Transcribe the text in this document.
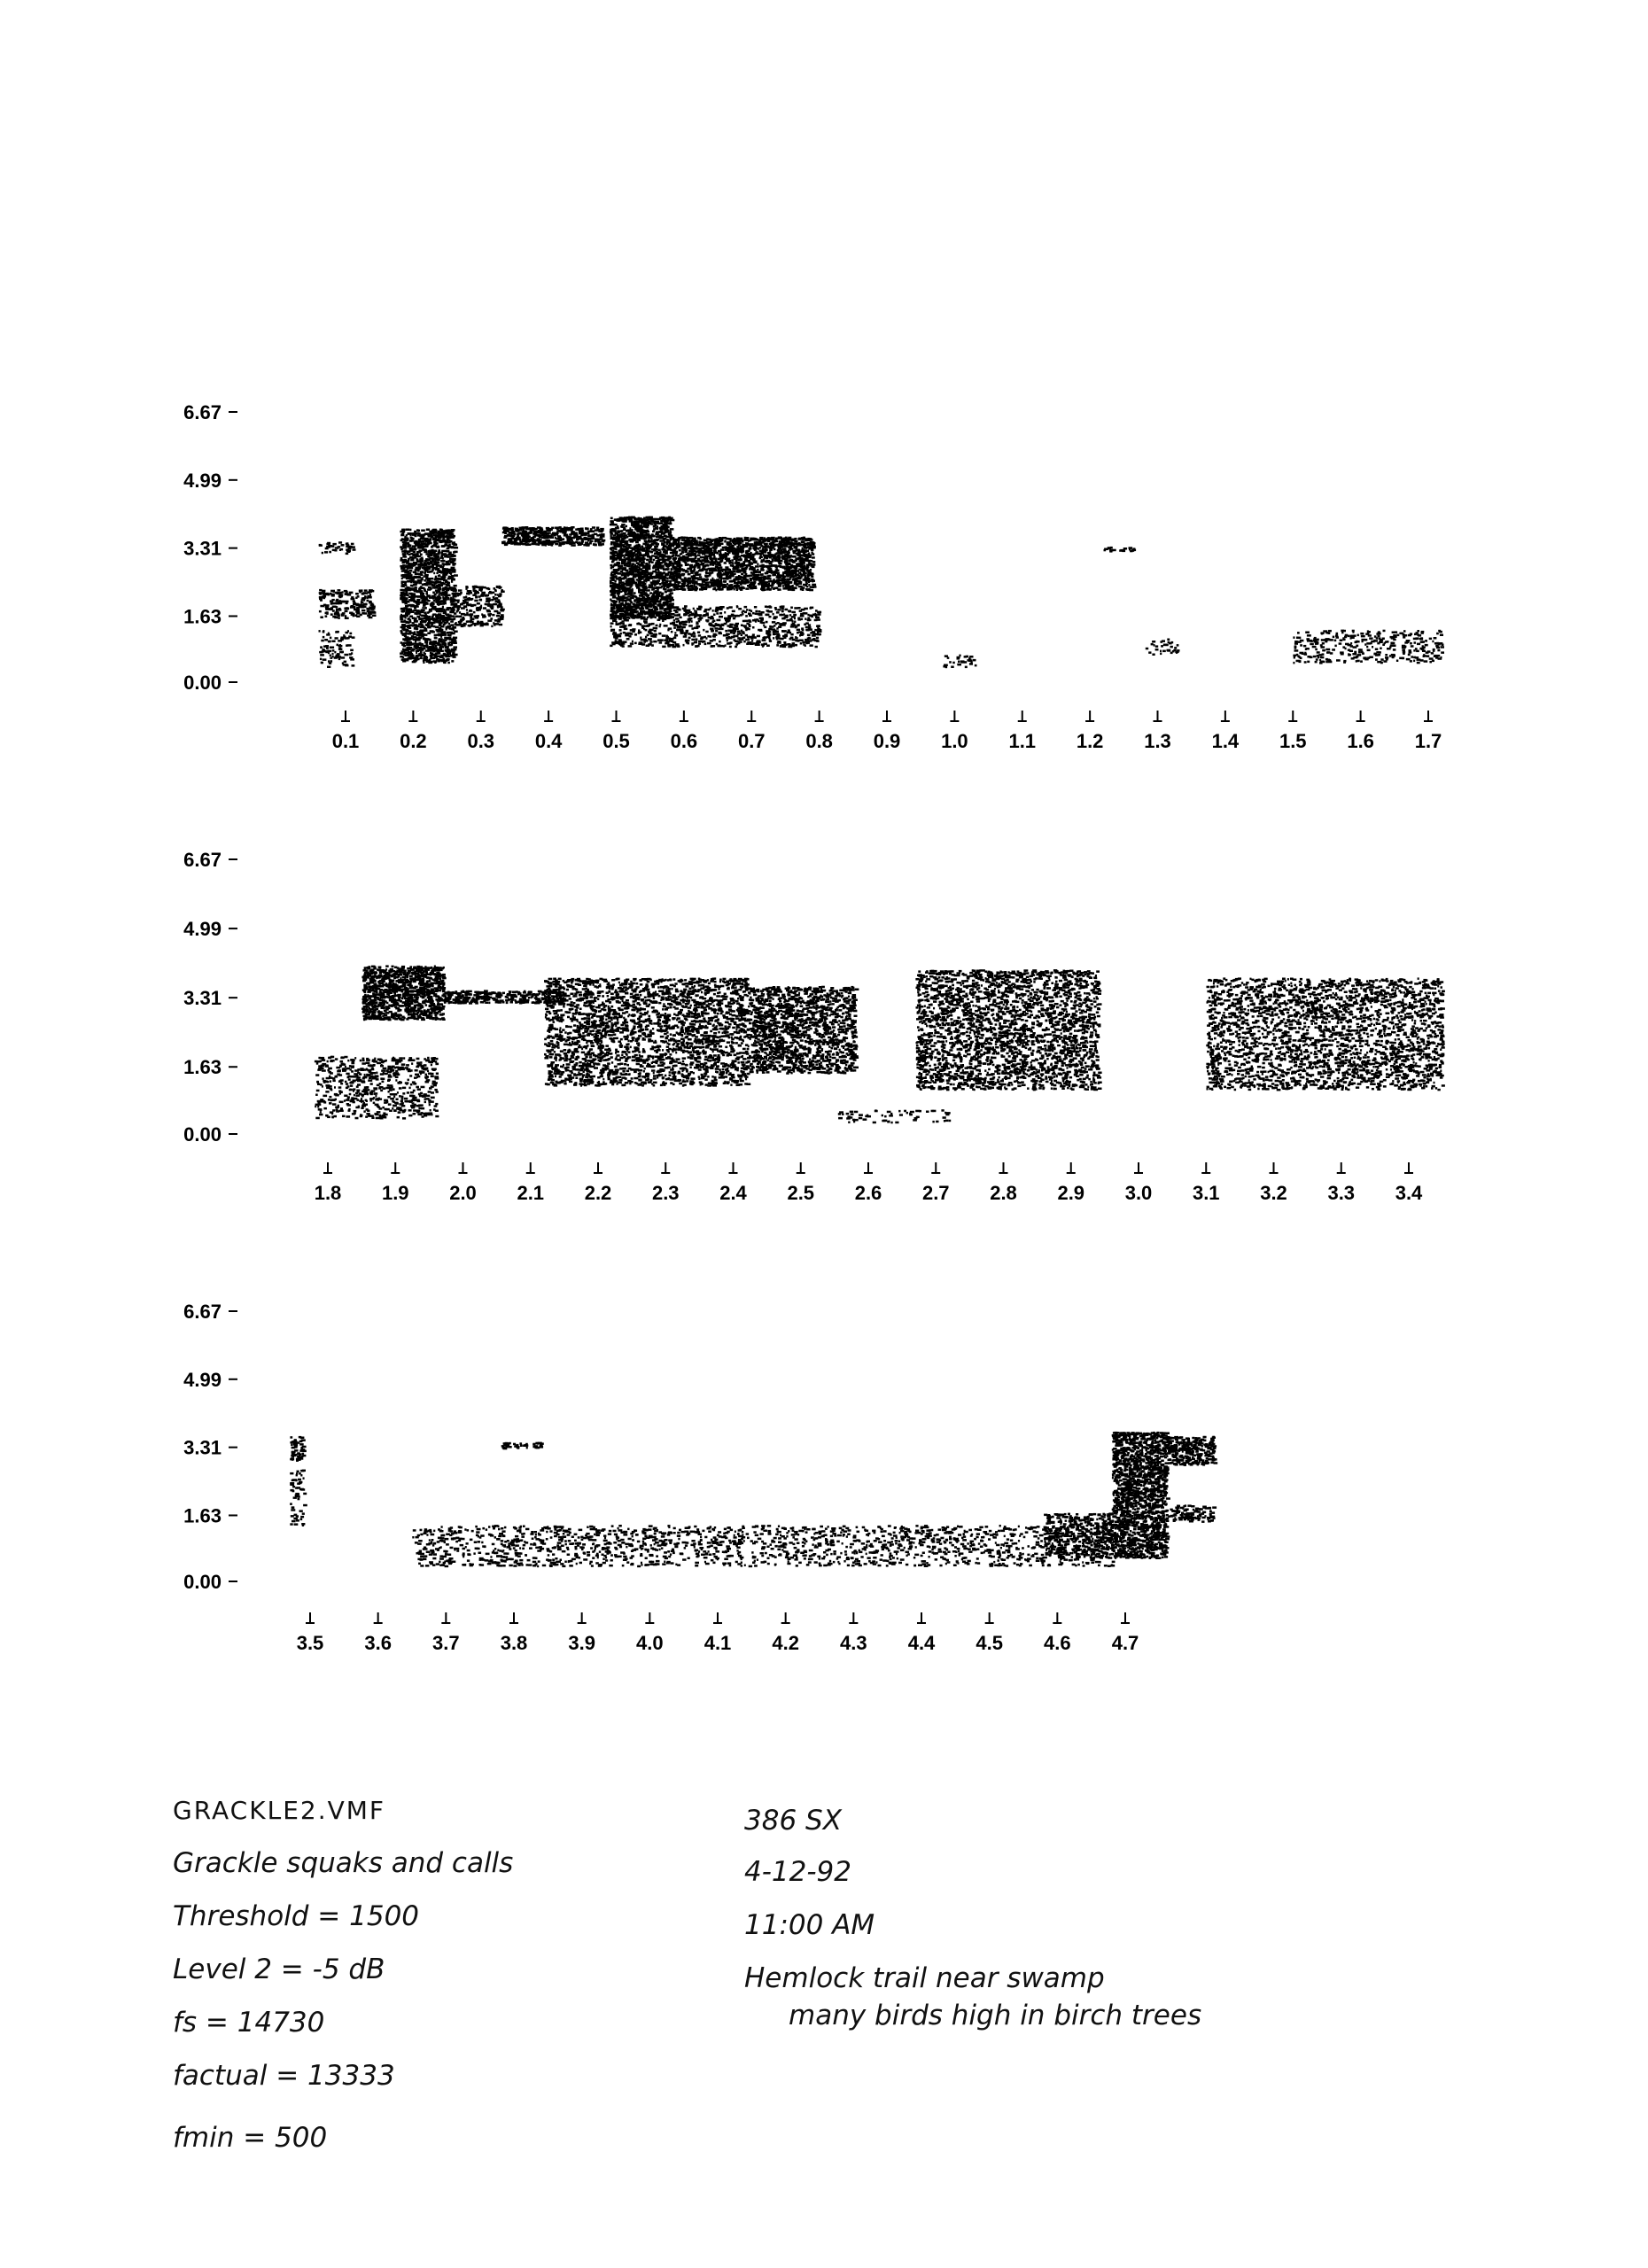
6.67
4.99
3.31
1.63
0.00
0.1 0.2 0.3 0.4 0.5 0.6 0.7 0.8 0.9 1.0 1.1 1.2 1.3 1.4 1.5 1.6 1.7
6.67
4.99
3.31
1.63
0.00
1.8 1.9 2.0 2.1 2.2 2.3 2.4 2.5 2.6 2.7 2.8 2.9 3.0 3.1 3.2 3.3 3.4
6.67
4.99
3.31
1.63
0.00
3.5 3.6 3.7 3.8 3.9 4.0 4.1 4.2 4.3 4.4 4.5 4.6 4.7
GRACKLE2.VMF
Grackle squaks and calls
Threshold = 1500
Level 2 = -5 dB
fs = 14730
factual = 13333
fmin = 500
386 SX
4-12-92
11:00 AM
Hemlock trail near swamp
many birds high in birch trees
